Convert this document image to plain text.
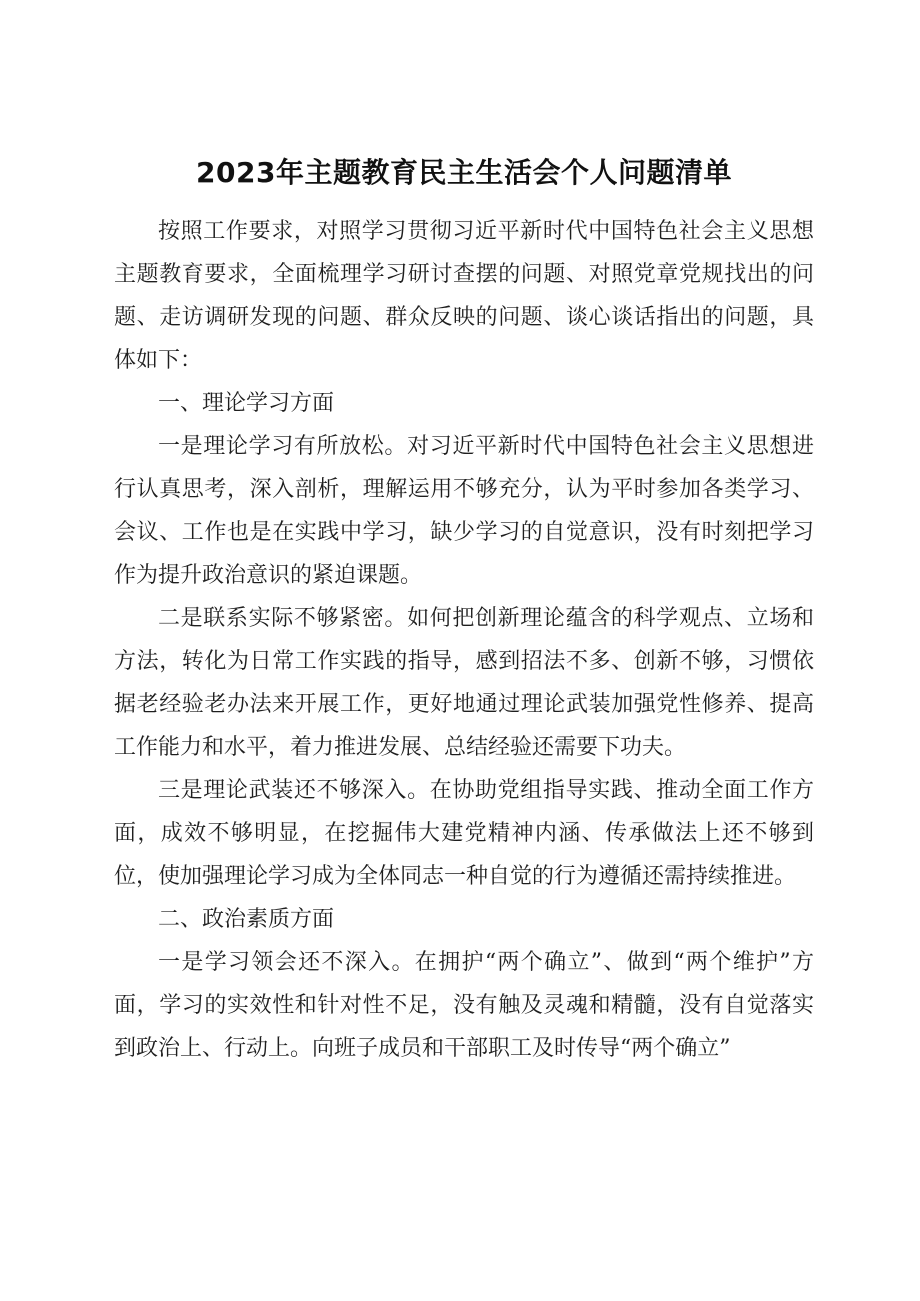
2023年主题教育民主生活会个人问题清单

按照工作要求，对照学习贯彻习近平新时代中国特色社会主义思想主题教育要求，全面梳理学习研讨查摆的问题、对照党章党规找出的问题、走访调研发现的问题、群众反映的问题、谈心谈话指出的问题，具体如下：

一、理论学习方面

一是理论学习有所放松。对习近平新时代中国特色社会主义思想进行认真思考，深入剖析，理解运用不够充分，认为平时参加各类学习、会议、工作也是在实践中学习，缺少学习的自觉意识，没有时刻把学习作为提升政治意识的紧迫课题。

二是联系实际不够紧密。如何把创新理论蕴含的科学观点、立场和方法，转化为日常工作实践的指导，感到招法不多、创新不够，习惯依据老经验老办法来开展工作，更好地通过理论武装加强党性修养、提高工作能力和水平，着力推进发展、总结经验还需要下功夫。

三是理论武装还不够深入。在协助党组指导实践、推动全面工作方面，成效不够明显，在挖掘伟大建党精神内涵、传承做法上还不够到位，使加强理论学习成为全体同志一种自觉的行为遵循还需持续推进。

二、政治素质方面

一是学习领会还不深入。在拥护“两个确立”、做到“两个维护”方面，学习的实效性和针对性不足，没有触及灵魂和精髓，没有自觉落实到政治上、行动上。向班子成员和干部职工及时传导“两个确立”
